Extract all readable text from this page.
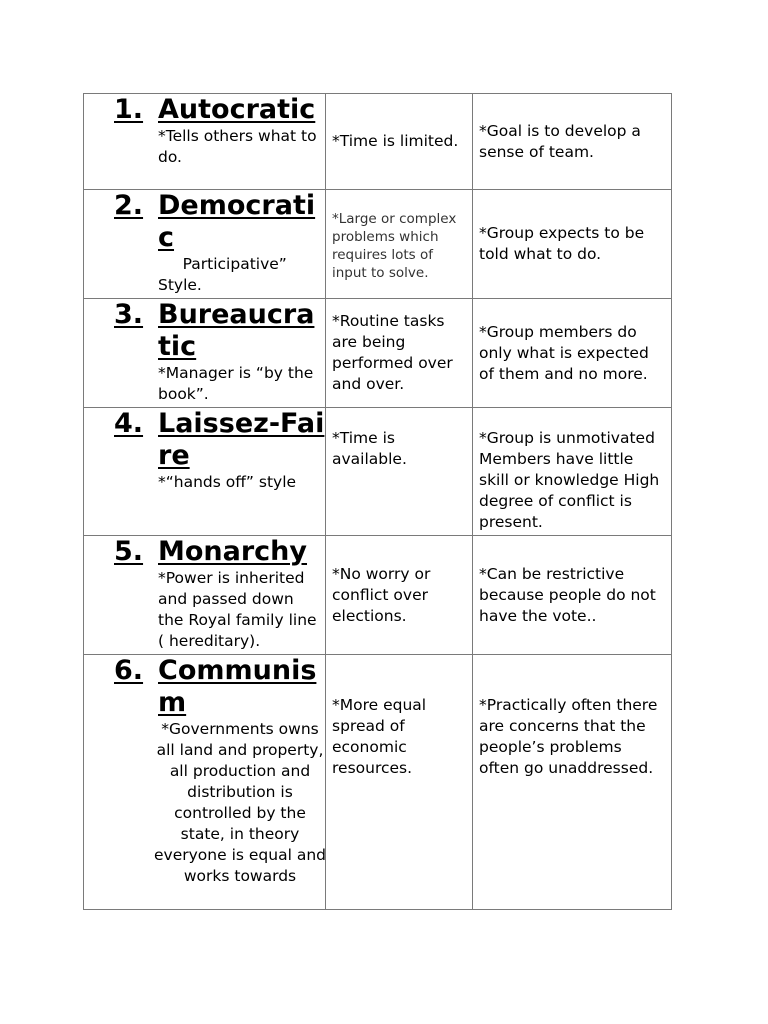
1. Autocratic
*Tells others what to do.	*Time is limited.	*Goal is to develop a sense of team.

2. Democratic
Participative”
Style.	*Large or complex problems which requires lots of input to solve.	*Group expects to be told what to do.

3. Bureaucratic
*Manager is “by the book”.	*Routine tasks are being performed over and over.	*Group members do only what is expected of them and no more.

4. Laissez-Faire
*“hands off” style	*Time is available.	*Group is unmotivated Members have little skill or knowledge High degree of conflict is present.

5. Monarchy
*Power is inherited and passed down the Royal family line ( hereditary).	*No worry or conflict over elections.	*Can be restrictive because people do not have the vote..

6. Communism
*Governments owns all land and property, all production and distribution is controlled by the state, in theory everyone is equal and works towards	*More equal spread of economic resources.	*Practically often there are concerns that the people’s problems often go unaddressed.
